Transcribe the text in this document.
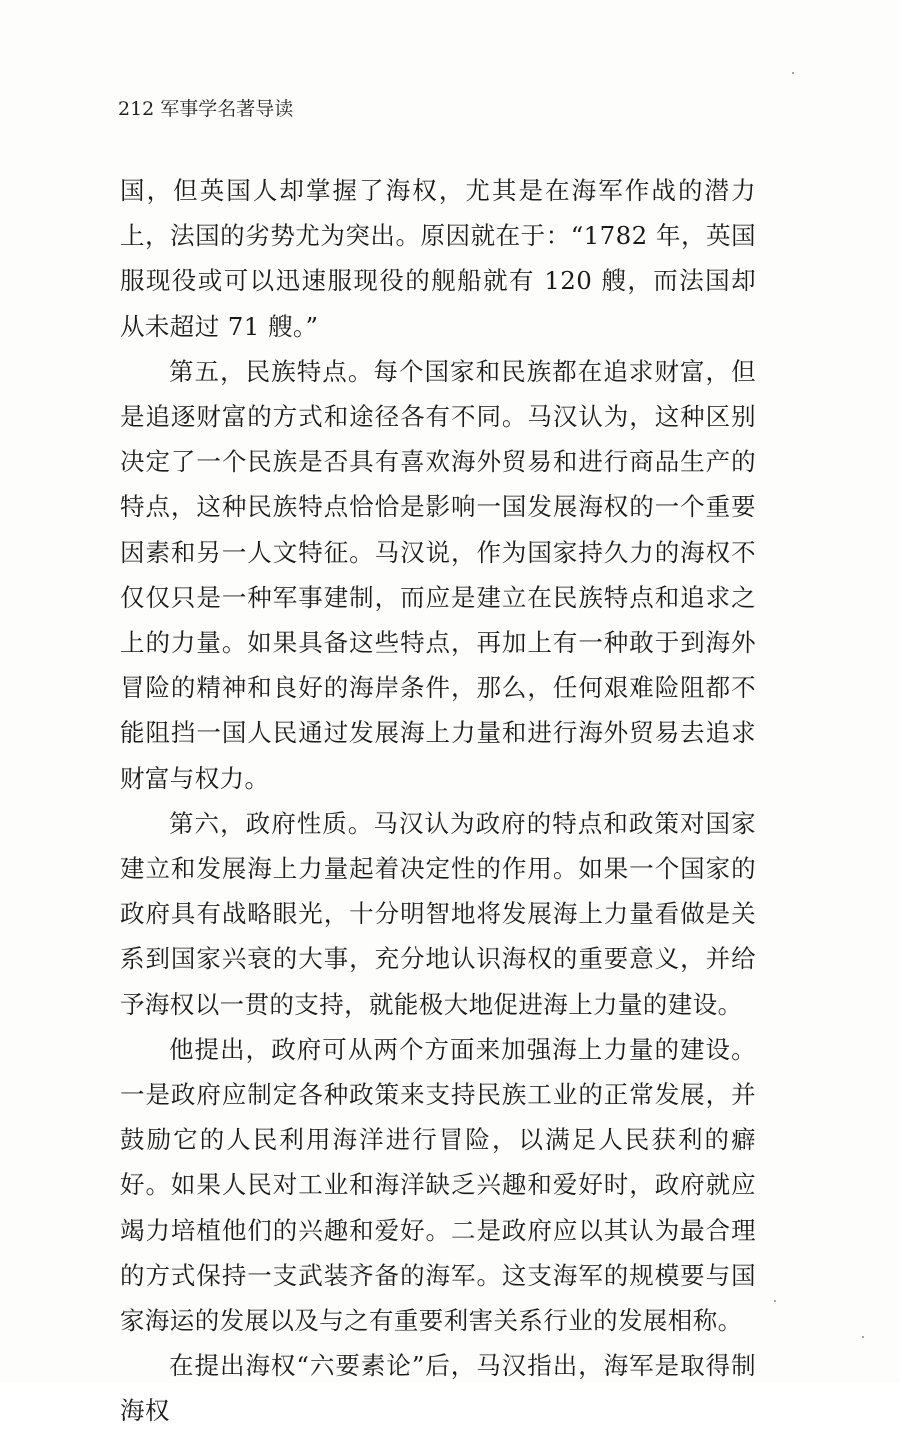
212 军事学名著导读

国，但英国人却掌握了海权，尤其是在海军作战的潜力上，法国的劣势尤为突出。原因就在于：“1782 年，英国服现役或可以迅速服现役的舰船就有 120 艘，而法国却从未超过 71 艘。”

第五，民族特点。每个国家和民族都在追求财富，但是追逐财富的方式和途径各有不同。马汉认为，这种区别决定了一个民族是否具有喜欢海外贸易和进行商品生产的特点，这种民族特点恰恰是影响一国发展海权的一个重要因素和另一人文特征。马汉说，作为国家持久力的海权不仅仅只是一种军事建制，而应是建立在民族特点和追求之上的力量。如果具备这些特点，再加上有一种敢于到海外冒险的精神和良好的海岸条件，那么，任何艰难险阻都不能阻挡一国人民通过发展海上力量和进行海外贸易去追求财富与权力。

第六，政府性质。马汉认为政府的特点和政策对国家建立和发展海上力量起着决定性的作用。如果一个国家的政府具有战略眼光，十分明智地将发展海上力量看做是关系到国家兴衰的大事，充分地认识海权的重要意义，并给予海权以一贯的支持，就能极大地促进海上力量的建设。

他提出，政府可从两个方面来加强海上力量的建设。一是政府应制定各种政策来支持民族工业的正常发展，并鼓励它的人民利用海洋进行冒险，以满足人民获利的癖好。如果人民对工业和海洋缺乏兴趣和爱好时，政府就应竭力培植他们的兴趣和爱好。二是政府应以其认为最合理的方式保持一支武装齐备的海军。这支海军的规模要与国家海运的发展以及与之有重要利害关系行业的发展相称。

在提出海权“六要素论”后，马汉指出，海军是取得制海权
